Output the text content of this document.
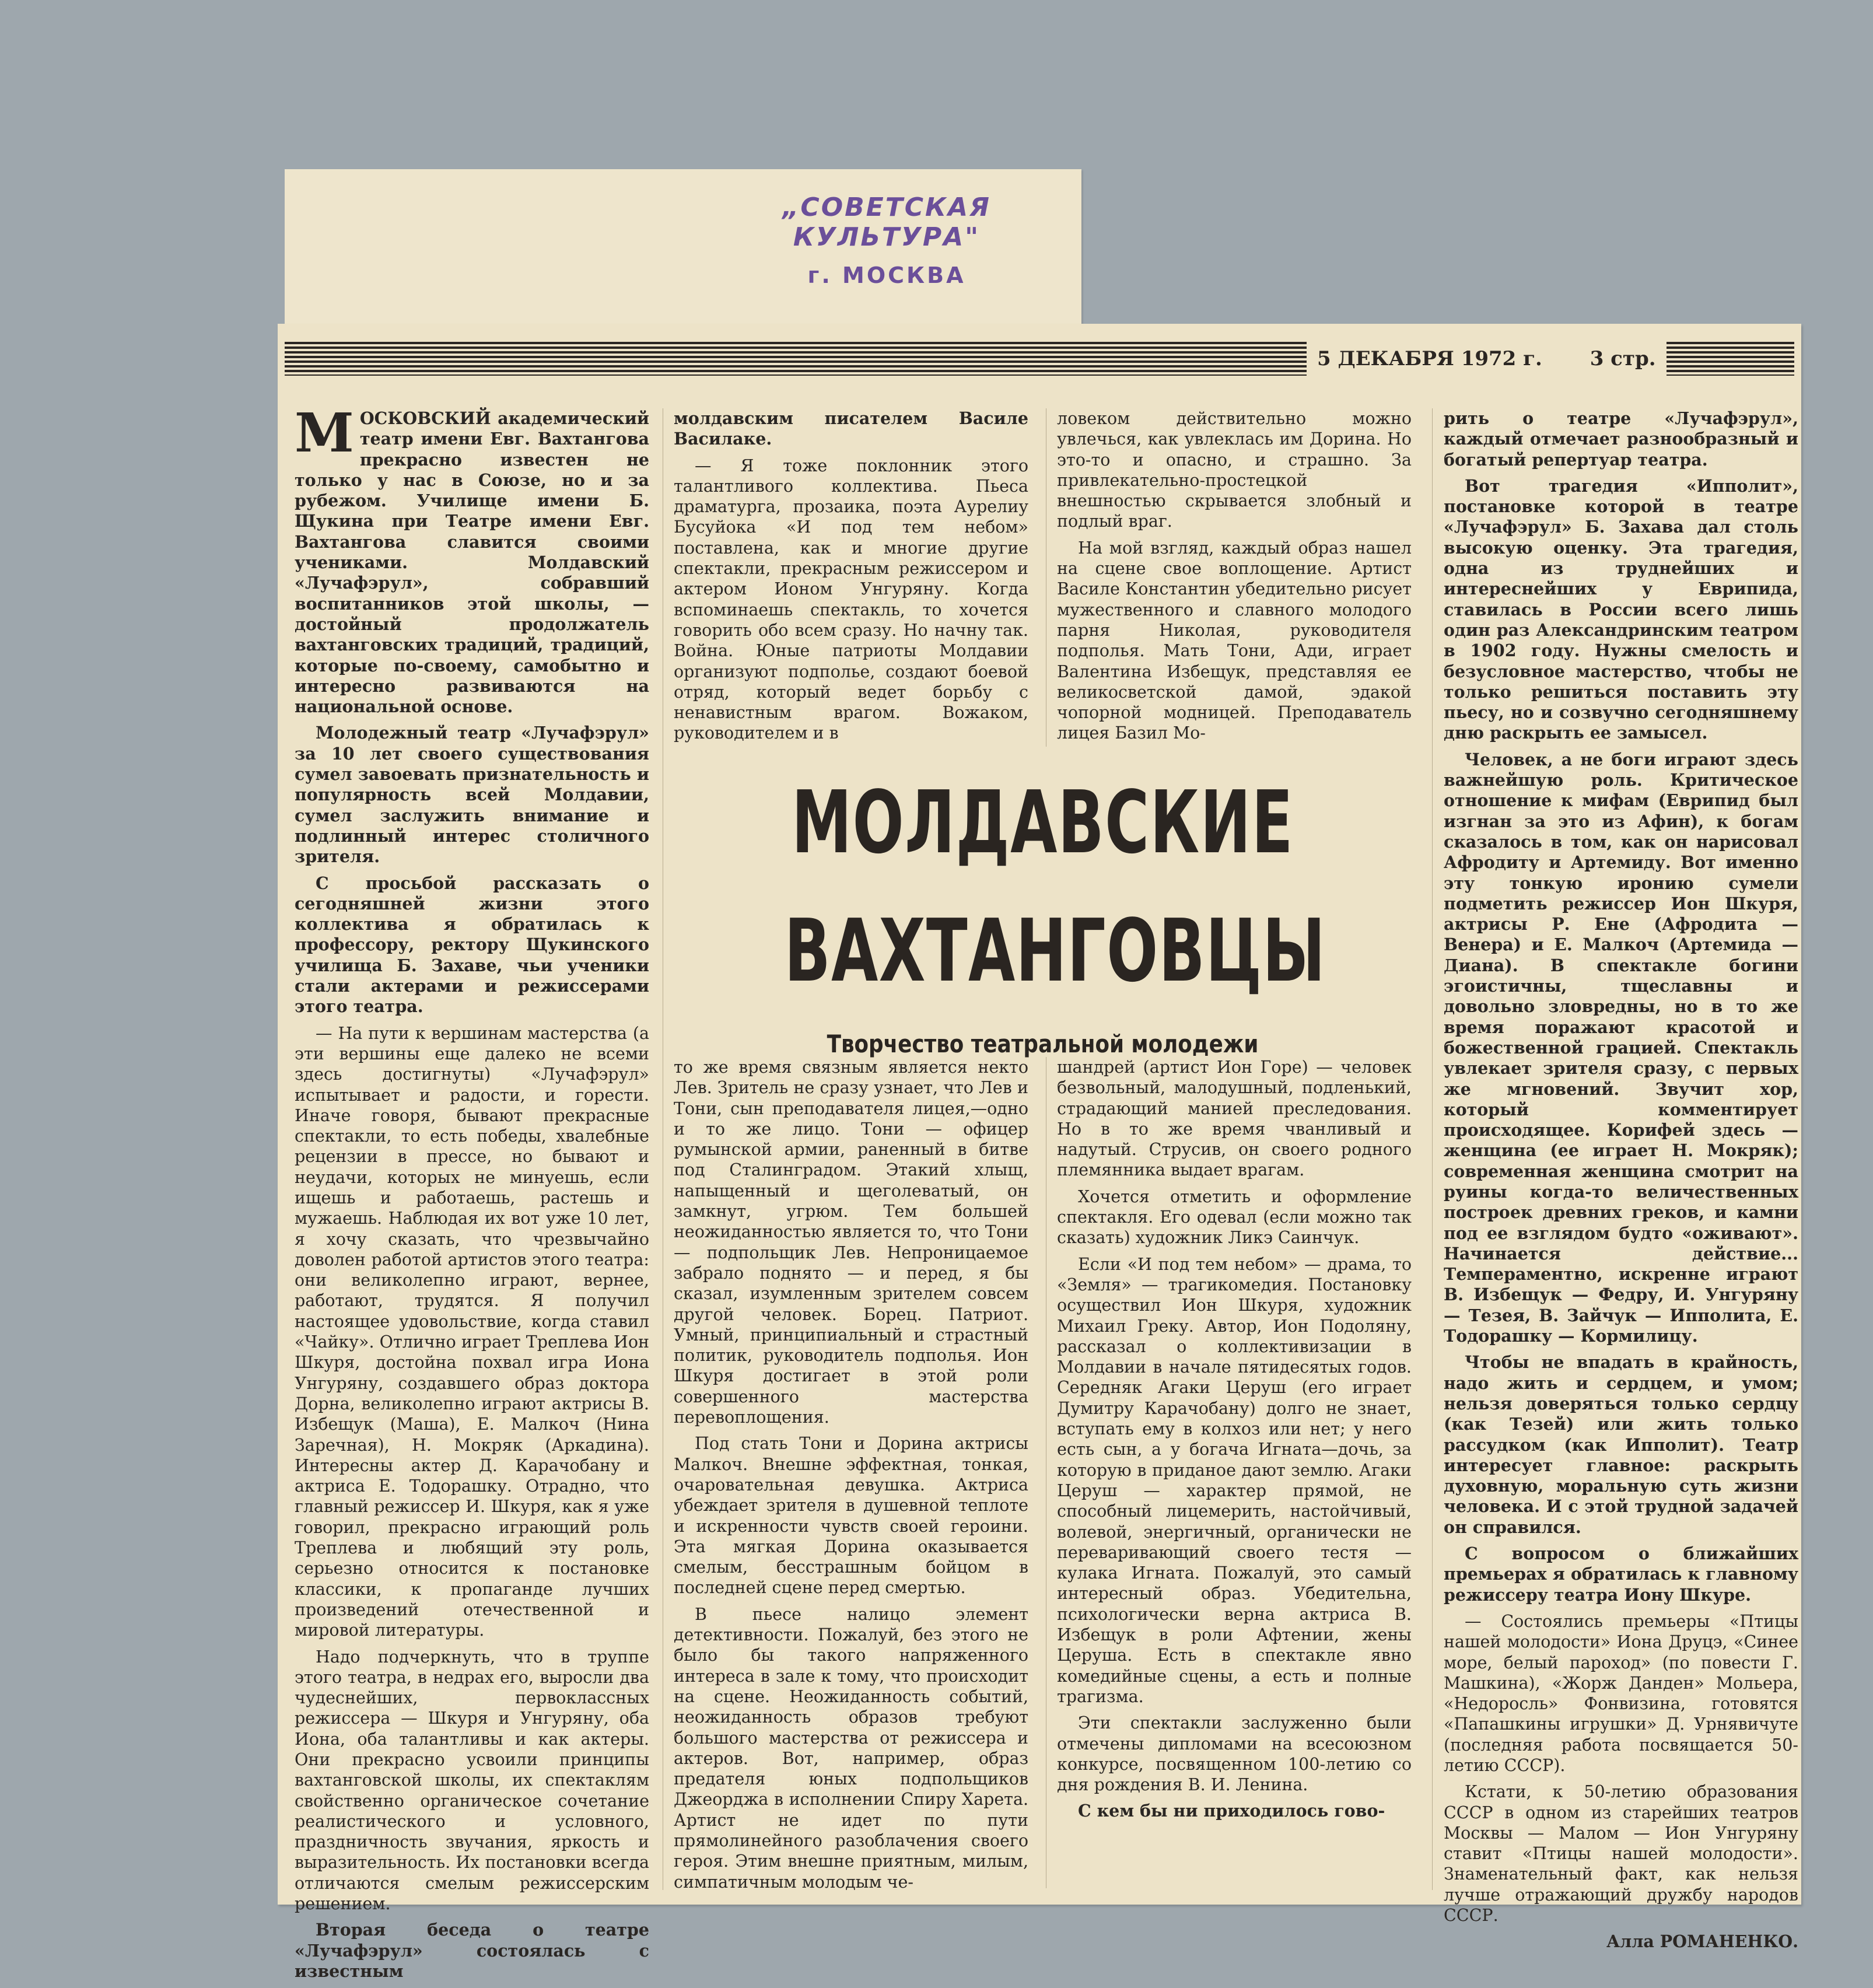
„СОВЕТСКАЯ КУЛЬТУРА"
г. МОСКВА
5 ДЕКАБРЯ 1972 г. 3 стр.

МОСКОВСКИЙ академический театр имени Евг. Вахтангова прекрасно известен не только у нас в Союзе, но и за рубежом. Училище имени Б. Щукина при Театре имени Евг. Вахтангова славится своими учениками. Молдавский «Лучафэрул», собравший воспитанников этой школы, — достойный продолжатель вахтанговских традиций, традиций, которые по-своему, самобытно и интересно развиваются на национальной основе.

Молодежный театр «Лучафэрул» за 10 лет своего существования сумел завоевать признательность и популярность всей Молдавии, сумел заслужить внимание и подлинный интерес столичного зрителя.

С просьбой рассказать о сегодняшней жизни этого коллектива я обратилась к профессору, ректору Щукинского училища Б. Захаве, чьи ученики стали актерами и режиссерами этого театра.

— На пути к вершинам мастерства (а эти вершины еще далеко не всеми здесь достигнуты) «Лучафэрул» испытывает и радости, и горести. Иначе говоря, бывают прекрасные спектакли, то есть победы, хвалебные рецензии в прессе, но бывают и неудачи, которых не минуешь, если ищешь и работаешь, растешь и мужаешь. Наблюдая их вот уже 10 лет, я хочу сказать, что чрезвычайно доволен работой артистов этого театра: они великолепно играют, вернее, работают, трудятся. Я получил настоящее удовольствие, когда ставил «Чайку». Отлично играет Треплева Ион Шкуря, достойна похвал игра Иона Унгуряну, создавшего образ доктора Дорна, великолепно играют актрисы В. Избещук (Маша), Е. Малкоч (Нина Заречная), Н. Мокряк (Аркадина). Интересны актер Д. Карачобану и актриса Е. Тодорашку. Отрадно, что главный режиссер И. Шкуря, как я уже говорил, прекрасно играющий роль Треплева и любящий эту роль, серьезно относится к постановке классики, к пропаганде лучших произведений отечественной и мировой литературы.

Надо подчеркнуть, что в труппе этого театра, в недрах его, выросли два чудеснейших, первоклассных режиссера — Шкуря и Унгуряну, оба Иона, оба талантливы и как актеры. Они прекрасно усвоили принципы вахтанговской школы, их спектаклям свойственно органическое сочетание реалистического и условного, праздничность звучания, яркость и выразительность. Их постановки всегда отличаются смелым режиссерским решением.

Вторая беседа о театре «Лучафэрул» состоялась с известным

молдавским писателем Василе Василаке.

— Я тоже поклонник этого талантливого коллектива. Пьеса драматурга, прозаика, поэта Аурелиу Бусуйока «И под тем небом» поставлена, как и многие другие спектакли, прекрасным режиссером и актером Ионом Унгуряну. Когда вспоминаешь спектакль, то хочется говорить обо всем сразу. Но начну так. Война. Юные патриоты Молдавии организуют подполье, создают боевой отряд, который ведет борьбу с ненавистным врагом. Вожаком, руководителем и в

ловеком действительно можно увлечься, как увлеклась им Дорина. Но это-то и опасно, и страшно. За привлекательно-простецкой внешностью скрывается злобный и подлый враг.

На мой взгляд, каждый образ нашел на сцене свое воплощение. Артист Василе Константин убедительно рисует мужественного и славного молодого парня Николая, руководителя подполья. Мать Тони, Ади, играет Валентина Избещук, представляя ее великосветской дамой, эдакой чопорной модницей. Преподаватель лицея Базил Мо-

МОЛДАВСКИЕ
ВАХТАНГОВЦЫ
Творчество театральной молодежи

то же время связным является некто Лев. Зритель не сразу узнает, что Лев и Тони, сын преподавателя лицея,—одно и то же лицо. Тони — офицер румынской армии, раненный в битве под Сталинградом. Этакий хлыщ, напыщенный и щеголеватый, он замкнут, угрюм. Тем большей неожиданностью является то, что Тони — подпольщик Лев. Непроницаемое забрало поднято — и перед, я бы сказал, изумленным зрителем совсем другой человек. Борец. Патриот. Умный, принципиальный и страстный политик, руководитель подполья. Ион Шкуря достигает в этой роли совершенного мастерства перевоплощения.

Под стать Тони и Дорина актрисы Малкоч. Внешне эффектная, тонкая, очаровательная девушка. Актриса убеждает зрителя в душевной теплоте и искренности чувств своей героини. Эта мягкая Дорина оказывается смелым, бесстрашным бойцом в последней сцене перед смертью.

В пьесе налицо элемент детективности. Пожалуй, без этого не было бы такого напряженного интереса в зале к тому, что происходит на сцене. Неожиданность событий, неожиданность образов требуют большого мастерства от режиссера и актеров. Вот, например, образ предателя юных подпольщиков Джеорджа в исполнении Спиру Харета. Артист не идет по пути прямолинейного разоблачения своего героя. Этим внешне приятным, милым, симпатичным молодым че-

шандрей (артист Ион Горе) — человек безвольный, малодушный, подленький, страдающий манией преследования. Но в то же время чванливый и надутый. Струсив, он своего родного племянника выдает врагам.

Хочется отметить и оформление спектакля. Его одевал (если можно так сказать) художник Ликэ Саинчук.

Если «И под тем небом» — драма, то «Земля» — трагикомедия. Постановку осуществил Ион Шкуря, художник Михаил Греку. Автор, Ион Подоляну, рассказал о коллективизации в Молдавии в начале пятидесятых годов. Середняк Агаки Церуш (его играет Думитру Карачобану) долго не знает, вступать ему в колхоз или нет; у него есть сын, а у богача Игната—дочь, за которую в приданое дают землю. Агаки Церуш — характер прямой, не способный лицемерить, настойчивый, волевой, энергичный, органически не переваривающий своего тестя — кулака Игната. Пожалуй, это самый интересный образ. Убедительна, психологически верна актриса В. Избещук в роли Афтении, жены Церуша. Есть в спектакле явно комедийные сцены, а есть и полные трагизма.

Эти спектакли заслуженно были отмечены дипломами на всесоюзном конкурсе, посвященном 100-летию со дня рождения В. И. Ленина.

С кем бы ни приходилось гово-

рить о театре «Лучафэрул», каждый отмечает разнообразный и богатый репертуар театра.

Вот трагедия «Ипполит», постановке которой в театре «Лучафэрул» Б. Захава дал столь высокую оценку. Эта трагедия, одна из труднейших и интереснейших у Еврипида, ставилась в России всего лишь один раз Александринским театром в 1902 году. Нужны смелость и безусловное мастерство, чтобы не только решиться поставить эту пьесу, но и созвучно сегодняшнему дню раскрыть ее замысел.

Человек, а не боги играют здесь важнейшую роль. Критическое отношение к мифам (Еврипид был изгнан за это из Афин), к богам сказалось в том, как он нарисовал Афродиту и Артемиду. Вот именно эту тонкую иронию сумели подметить режиссер Ион Шкуря, актрисы Р. Ене (Афродита — Венера) и Е. Малкоч (Артемида — Диана). В спектакле богини эгоистичны, тщеславны и довольно зловредны, но в то же время поражают красотой и божественной грацией. Спектакль увлекает зрителя сразу, с первых же мгновений. Звучит хор, который комментирует происходящее. Корифей здесь — женщина (ее играет Н. Мокряк); современная женщина смотрит на руины когда-то величественных построек древних греков, и камни под ее взглядом будто «оживают». Начинается действие... Темпераментно, искренне играют В. Избещук — Федру, И. Унгуряну — Тезея, В. Зайчук — Ипполита, Е. Тодорашку — Кормилицу.

Чтобы не впадать в крайность, надо жить и сердцем, и умом; нельзя доверяться только сердцу (как Тезей) или жить только рассудком (как Ипполит). Театр интересует главное: раскрыть духовную, моральную суть жизни человека. И с этой трудной задачей он справился.

С вопросом о ближайших премьерах я обратилась к главному режиссеру театра Иону Шкуре.

— Состоялись премьеры «Птицы нашей молодости» Иона Друцэ, «Синее море, белый пароход» (по повести Г. Машкина), «Жорж Данден» Мольера, «Недоросль» Фонвизина, готовятся «Папашкины игрушки» Д. Урнявичуте (последняя работа посвящается 50-летию СССР).

Кстати, к 50-летию образования СССР в одном из старейших театров Москвы — Малом — Ион Унгуряну ставит «Птицы нашей молодости». Знаменательный факт, как нельзя лучше отражающий дружбу народов СССР.

Алла РОМАНЕНКО.
